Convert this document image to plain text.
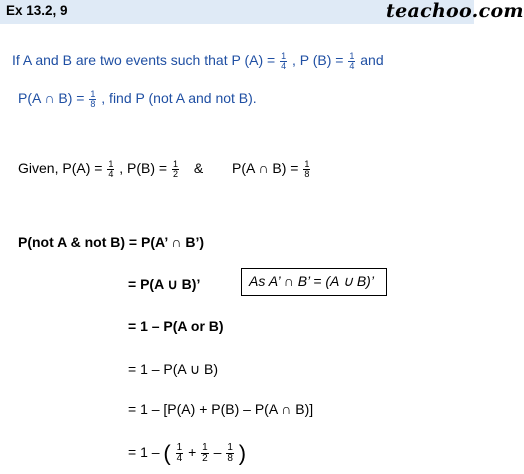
Ex 13.2, 9	teachoo.com
If A and B are two events such that P $(A) = \frac{1}{4}$ , P $(B) = \frac{1}{4}$ and
P(A ∩ $B) = \frac{1}{8}$ , find P (not A and not B).
Given, $P(A) = \frac{1}{4}$ , $P(B) = \frac{1}{2}$ & P(A ∩ $B) = \frac{1}{8}$
P(not A & not B) = P(A’ ∩ B’)
= P(A ∪ B)’	As A’ ∩ B’ = (A ∪ B)’
= 1 – P(A or B)
= 1 – P(A ∪ B)
= 1 – [P(A) + P(B) – P(A ∩ B)]
= 1 – ( $\frac{1}{4} + \frac{1}{2} - \frac{1}{8}$ )
